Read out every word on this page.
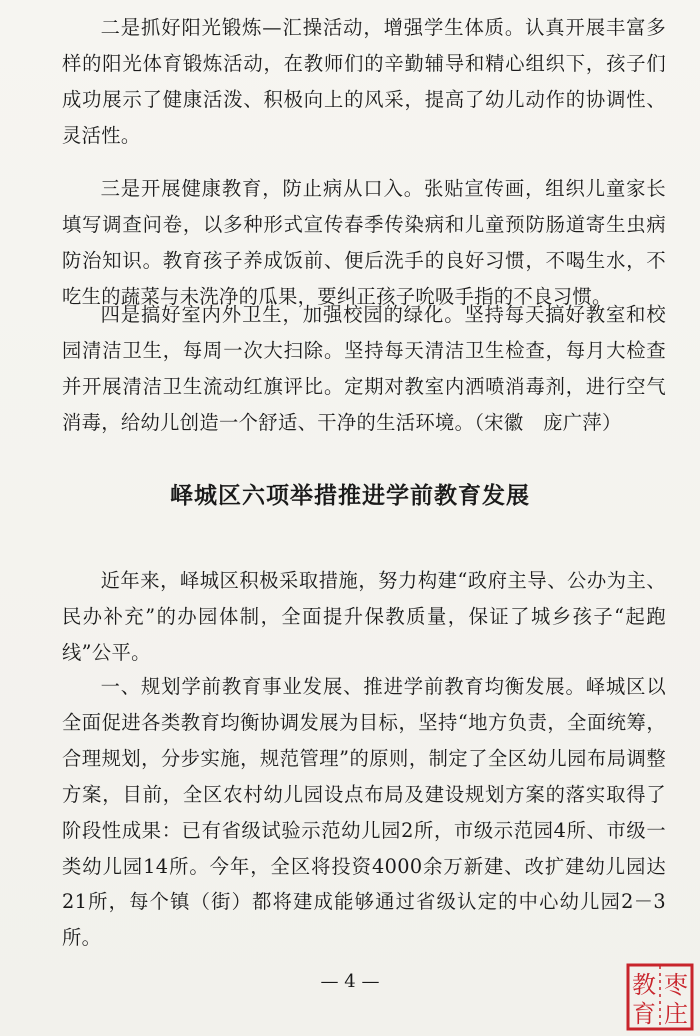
二是抓好阳光锻炼—汇操活动，增强学生体质。认真开展丰富多样的阳光体育锻炼活动，在教师们的辛勤辅导和精心组织下，孩子们成功展示了健康活泼、积极向上的风采，提高了幼儿动作的协调性、灵活性。

三是开展健康教育，防止病从口入。张贴宣传画，组织儿童家长填写调查问卷，以多种形式宣传春季传染病和儿童预防肠道寄生虫病防治知识。教育孩子养成饭前、便后洗手的良好习惯，不喝生水，不吃生的蔬菜与未洗净的瓜果，要纠正孩子吮吸手指的不良习惯。

四是搞好室内外卫生，加强校园的绿化。坚持每天搞好教室和校园清洁卫生，每周一次大扫除。坚持每天清洁卫生检查，每月大检查并开展清洁卫生流动红旗评比。定期对教室内洒喷消毒剂，进行空气消毒，给幼儿创造一个舒适、干净的生活环境。（宋徽　庞广萍）

峄城区六项举措推进学前教育发展

近年来，峄城区积极采取措施，努力构建“政府主导、公办为主、民办补充”的办园体制，全面提升保教质量，保证了城乡孩子“起跑线”公平。

一、规划学前教育事业发展、推进学前教育均衡发展。峄城区以全面促进各类教育均衡协调发展为目标，坚持“地方负责，全面统筹，合理规划，分步实施，规范管理”的原则，制定了全区幼儿园布局调整方案，目前，全区农村幼儿园设点布局及建设规划方案的落实取得了阶段性成果：已有省级试验示范幼儿园2所，市级示范园4所、市级一类幼儿园14所。今年，全区将投资4000余万新建、改扩建幼儿园达21所，每个镇（街）都将建成能够通过省级认定的中心幼儿园2－3所。

— 4 —	枣
庄
教
育
